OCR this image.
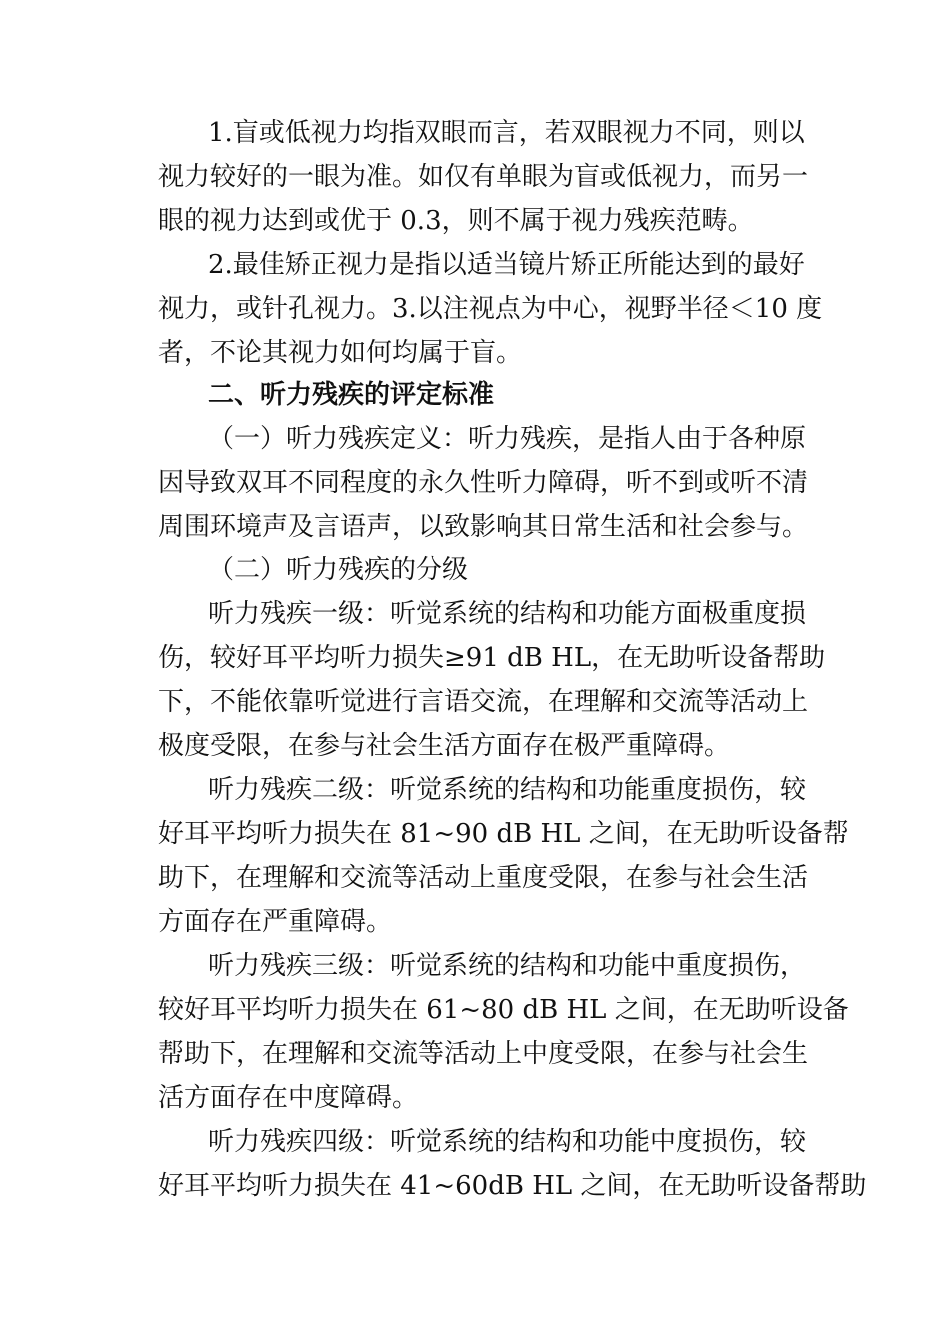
1.盲或低视力均指双眼而言，若双眼视力不同，则以
视力较好的一眼为准。如仅有单眼为盲或低视力，而另一
眼的视力达到或优于 0.3，则不属于视力残疾范畴。
2.最佳矫正视力是指以适当镜片矫正所能达到的最好
视力，或针孔视力。3.以注视点为中心，视野半径＜10 度
者，不论其视力如何均属于盲。
二、听力残疾的评定标准
（一）听力残疾定义：听力残疾，是指人由于各种原
因导致双耳不同程度的永久性听力障碍，听不到或听不清
周围环境声及言语声，以致影响其日常生活和社会参与。
（二）听力残疾的分级
听力残疾一级：听觉系统的结构和功能方面极重度损
伤，较好耳平均听力损失≥91 dB HL，在无助听设备帮助
下，不能依靠听觉进行言语交流，在理解和交流等活动上
极度受限，在参与社会生活方面存在极严重障碍。
听力残疾二级：听觉系统的结构和功能重度损伤，较
好耳平均听力损失在 81~90 dB HL 之间，在无助听设备帮
助下，在理解和交流等活动上重度受限，在参与社会生活
方面存在严重障碍。
听力残疾三级：听觉系统的结构和功能中重度损伤，
较好耳平均听力损失在 61~80 dB HL 之间，在无助听设备
帮助下，在理解和交流等活动上中度受限，在参与社会生
活方面存在中度障碍。
听力残疾四级：听觉系统的结构和功能中度损伤，较
好耳平均听力损失在 41~60dB HL 之间，在无助听设备帮助
